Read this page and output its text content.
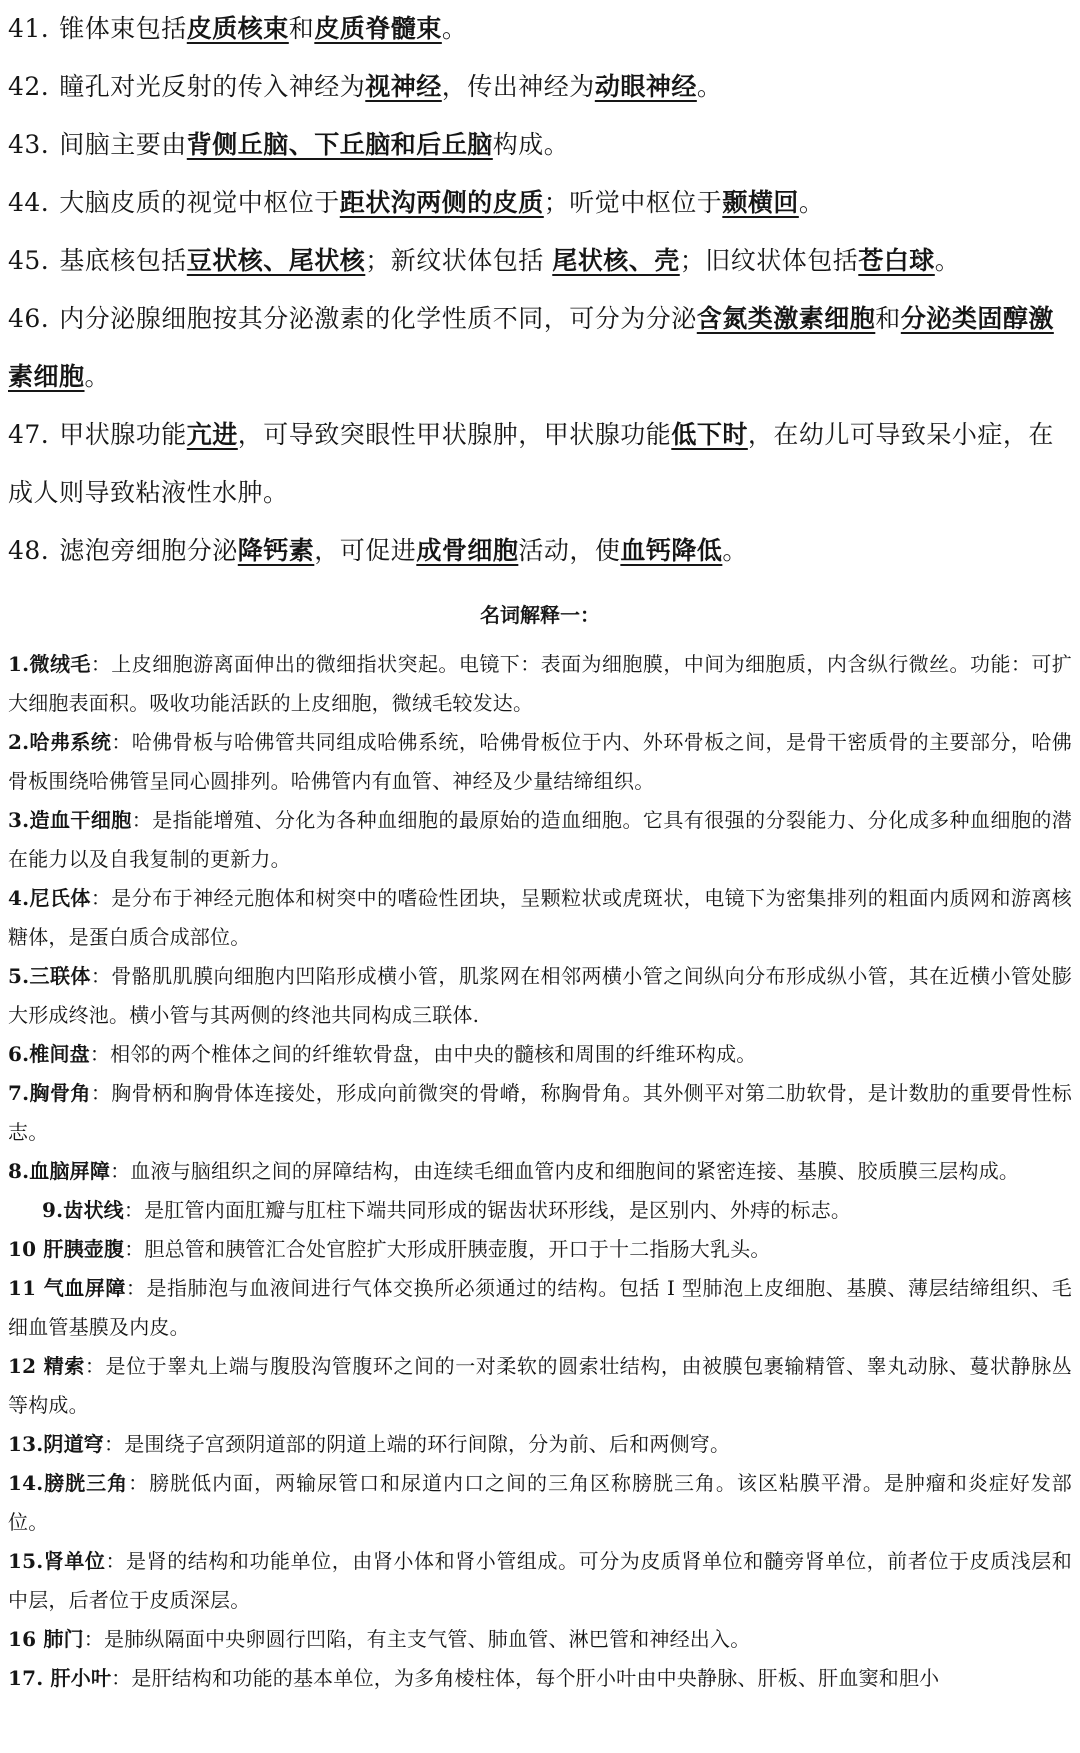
41. 锥体束包括皮质核束和皮质脊髓束。
42. 瞳孔对光反射的传入神经为视神经，传出神经为动眼神经。
43. 间脑主要由背侧丘脑、下丘脑和后丘脑构成。
44. 大脑皮质的视觉中枢位于距状沟两侧的皮质；听觉中枢位于颞横回。
45. 基底核包括豆状核、尾状核；新纹状体包括 尾状核、壳；旧纹状体包括苍白球。
46. 内分泌腺细胞按其分泌激素的化学性质不同，可分为分泌含氮类激素细胞和分泌类固醇激素细胞。
47. 甲状腺功能亢进，可导致突眼性甲状腺肿，甲状腺功能低下时，在幼儿可导致呆小症，在成人则导致粘液性水肿。
48. 滤泡旁细胞分泌降钙素，可促进成骨细胞活动，使血钙降低。
名词解释一：
1.微绒毛：上皮细胞游离面伸出的微细指状突起。电镜下：表面为细胞膜，中间为细胞质，内含纵行微丝。功能：可扩大细胞表面积。吸收功能活跃的上皮细胞，微绒毛较发达。
2.哈弗系统：哈佛骨板与哈佛管共同组成哈佛系统，哈佛骨板位于内、外环骨板之间，是骨干密质骨的主要部分，哈佛骨板围绕哈佛管呈同心圆排列。哈佛管内有血管、神经及少量结缔组织。
3.造血干细胞：是指能增殖、分化为各种血细胞的最原始的造血细胞。它具有很强的分裂能力、分化成多种血细胞的潜在能力以及自我复制的更新力。
4.尼氏体：是分布于神经元胞体和树突中的嗜硷性团块，呈颗粒状或虎斑状，电镜下为密集排列的粗面内质网和游离核糖体，是蛋白质合成部位。
5.三联体：骨骼肌肌膜向细胞内凹陷形成横小管，肌浆网在相邻两横小管之间纵向分布形成纵小管，其在近横小管处膨大形成终池。横小管与其两侧的终池共同构成三联体.
6.椎间盘：相邻的两个椎体之间的纤维软骨盘，由中央的髓核和周围的纤维环构成。
7.胸骨角：胸骨柄和胸骨体连接处，形成向前微突的骨嵴，称胸骨角。其外侧平对第二肋软骨，是计数肋的重要骨性标志。
8.血脑屏障：血液与脑组织之间的屏障结构，由连续毛细血管内皮和细胞间的紧密连接、基膜、胶质膜三层构成。
9.齿状线：是肛管内面肛瓣与肛柱下端共同形成的锯齿状环形线，是区别内、外痔的标志。
10 肝胰壶腹：胆总管和胰管汇合处官腔扩大形成肝胰壶腹，开口于十二指肠大乳头。
11 气血屏障：是指肺泡与血液间进行气体交换所必须通过的结构。包括 I 型肺泡上皮细胞、基膜、薄层结缔组织、毛细血管基膜及内皮。
12 精索：是位于睾丸上端与腹股沟管腹环之间的一对柔软的圆索壮结构，由被膜包裹输精管、睾丸动脉、蔓状静脉丛等构成。
13.阴道穹：是围绕子宫颈阴道部的阴道上端的环行间隙，分为前、后和两侧穹。
14.膀胱三角：膀胱低内面，两输尿管口和尿道内口之间的三角区称膀胱三角。该区粘膜平滑。是肿瘤和炎症好发部位。
15.肾单位：是肾的结构和功能单位，由肾小体和肾小管组成。可分为皮质肾单位和髓旁肾单位，前者位于皮质浅层和中层，后者位于皮质深层。
16 肺门：是肺纵隔面中央卵圆行凹陷，有主支气管、肺血管、淋巴管和神经出入。
17. 肝小叶：是肝结构和功能的基本单位，为多角棱柱体，每个肝小叶由中央静脉、肝板、肝血窦和胆小
